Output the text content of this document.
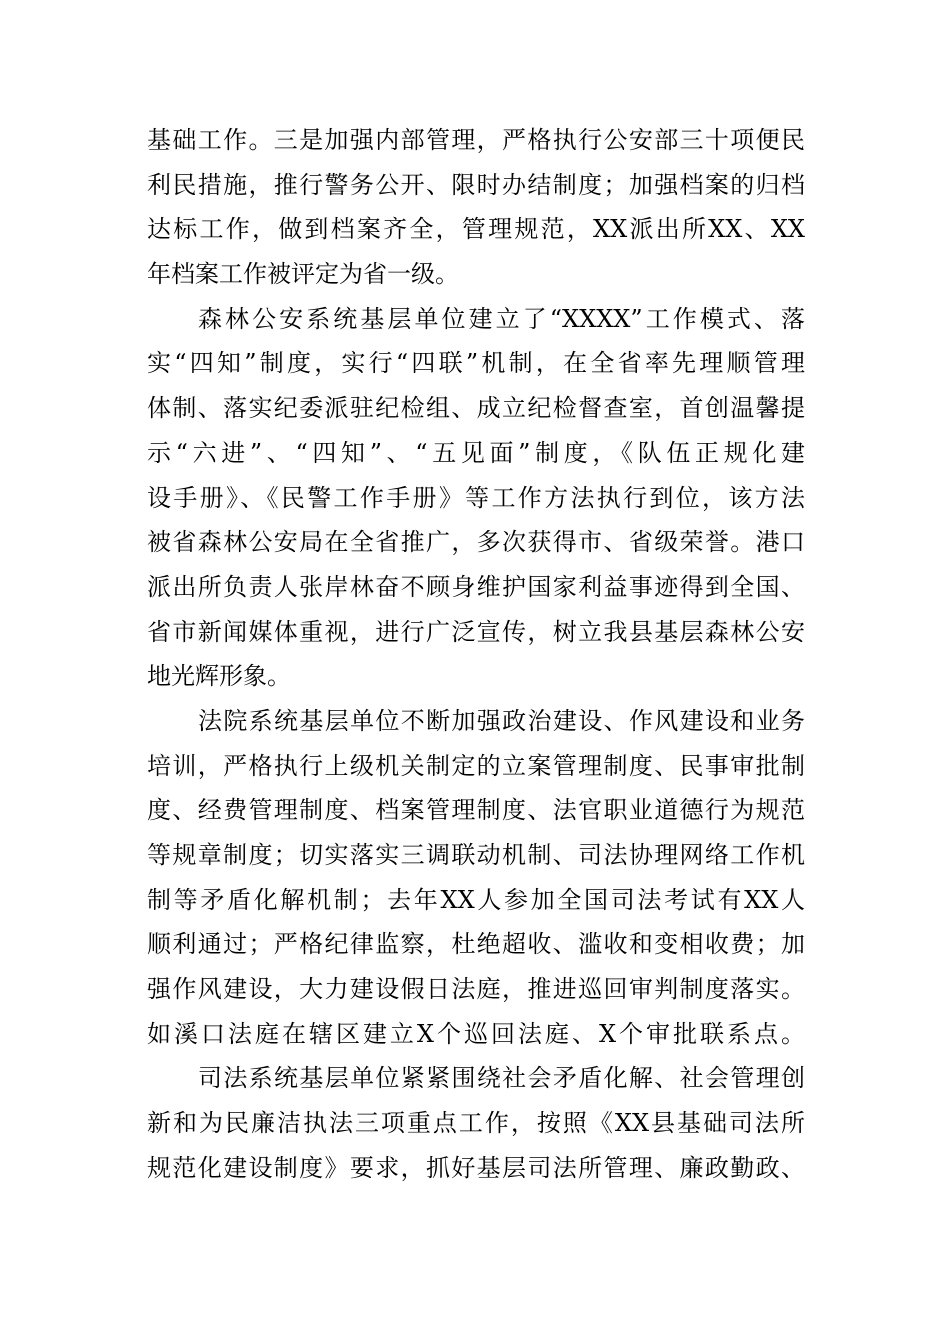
基础工作。三是加强内部管理，严格执行公安部三十项便民
利民措施，推行警务公开、限时办结制度；加强档案的归档
达标工作，做到档案齐全，管理规范，XX派出所XX、XX
年档案工作被评定为省一级。
森林公安系统基层单位建立了“XXXX”工作模式、落
实“四知”制度，实行“四联”机制，在全省率先理顺管理
体制、落实纪委派驻纪检组、成立纪检督查室，首创温馨提
示“六进”、“四知”、“五见面”制度，《队伍正规化建
设手册》、《民警工作手册》等工作方法执行到位，该方法
被省森林公安局在全省推广，多次获得市、省级荣誉。港口
派出所负责人张岸林奋不顾身维护国家利益事迹得到全国、
省市新闻媒体重视，进行广泛宣传，树立我县基层森林公安
地光辉形象。
法院系统基层单位不断加强政治建设、作风建设和业务
培训，严格执行上级机关制定的立案管理制度、民事审批制
度、经费管理制度、档案管理制度、法官职业道德行为规范
等规章制度；切实落实三调联动机制、司法协理网络工作机
制等矛盾化解机制；去年XX人参加全国司法考试有XX人
顺利通过；严格纪律监察，杜绝超收、滥收和变相收费；加
强作风建设，大力建设假日法庭，推进巡回审判制度落实。
如溪口法庭在辖区建立X个巡回法庭、X个审批联系点。
司法系统基层单位紧紧围绕社会矛盾化解、社会管理创
新和为民廉洁执法三项重点工作，按照《XX县基础司法所
规范化建设制度》要求，抓好基层司法所管理、廉政勤政、
